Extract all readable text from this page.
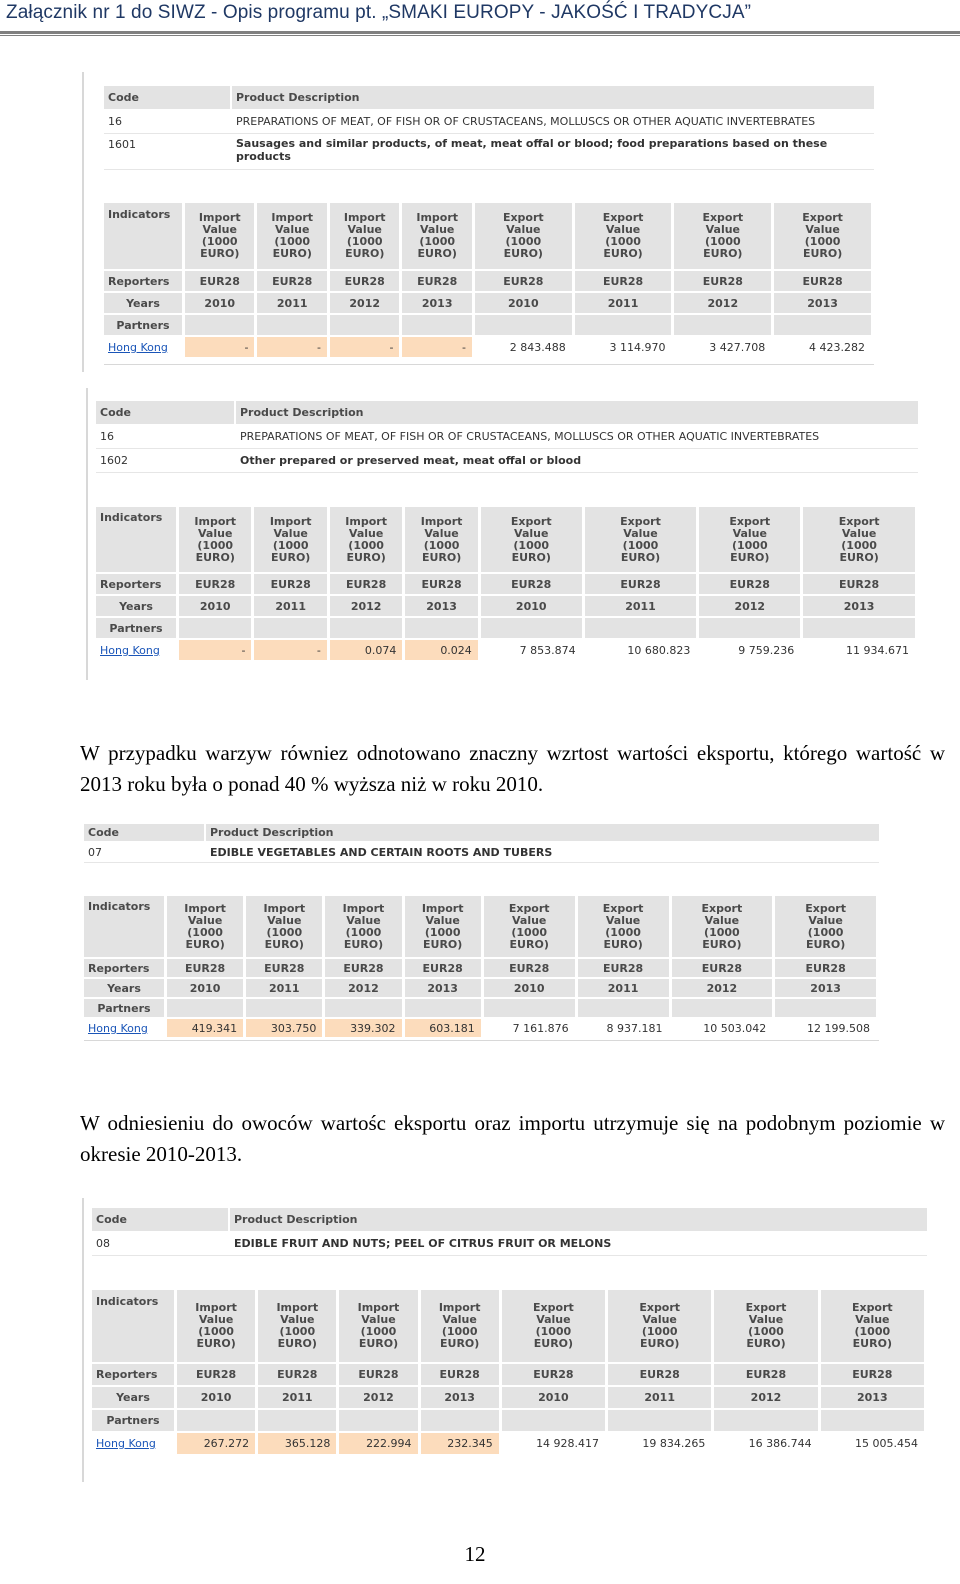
Załącznik nr 1 do SIWZ - Opis programu pt. „SMAKI EUROPY - JAKOŚĆ I TRADYCJA”
Code	Product Description
16	PREPARATIONS OF MEAT, OF FISH OR OF CRUSTACEANS, MOLLUSCS OR OTHER AQUATIC INVERTEBRATES
1601	Sausages and similar products, of meat, meat offal or blood; food preparations based on these products
Indicators	Import
Value
(1000
EURO)	Import
Value
(1000
EURO)	Import
Value
(1000
EURO)	Import
Value
(1000
EURO)	Export
Value
(1000
EURO)	Export
Value
(1000
EURO)	Export
Value
(1000
EURO)	Export
Value
(1000
EURO)
Reporters	EUR28	EUR28	EUR28	EUR28	EUR28	EUR28	EUR28	EUR28
Years	2010	2011	2012	2013	2010	2011	2012	2013
Partners								
Hong Kong	-	-	-	-	2 843.488	3 114.970	3 427.708	4 423.282
Code	Product Description
16	PREPARATIONS OF MEAT, OF FISH OR OF CRUSTACEANS, MOLLUSCS OR OTHER AQUATIC INVERTEBRATES
1602	Other prepared or preserved meat, meat offal or blood
Indicators	Import
Value
(1000
EURO)	Import
Value
(1000
EURO)	Import
Value
(1000
EURO)	Import
Value
(1000
EURO)	Export
Value
(1000
EURO)	Export
Value
(1000
EURO)	Export
Value
(1000
EURO)	Export
Value
(1000
EURO)
Reporters	EUR28	EUR28	EUR28	EUR28	EUR28	EUR28	EUR28	EUR28
Years	2010	2011	2012	2013	2010	2011	2012	2013
Partners								
Hong Kong	-	-	0.074	0.024	7 853.874	10 680.823	9 759.236	11 934.671
W przypadku warzyw równiez odnotowano znaczny wzrtost wartości eksportu, którego wartość w 2013 roku była o ponad 40 % wyższa niż w roku 2010.
Code	Product Description
07	EDIBLE VEGETABLES AND CERTAIN ROOTS AND TUBERS
Indicators	Import
Value
(1000
EURO)	Import
Value
(1000
EURO)	Import
Value
(1000
EURO)	Import
Value
(1000
EURO)	Export
Value
(1000
EURO)	Export
Value
(1000
EURO)	Export
Value
(1000
EURO)	Export
Value
(1000
EURO)
Reporters	EUR28	EUR28	EUR28	EUR28	EUR28	EUR28	EUR28	EUR28
Years	2010	2011	2012	2013	2010	2011	2012	2013
Partners								
Hong Kong	419.341	303.750	339.302	603.181	7 161.876	8 937.181	10 503.042	12 199.508
W odniesieniu do owoców wartośc eksportu oraz importu utrzymuje się na podobnym poziomie w okresie 2010-2013.
Code	Product Description
08	EDIBLE FRUIT AND NUTS; PEEL OF CITRUS FRUIT OR MELONS
Indicators	Import
Value
(1000
EURO)	Import
Value
(1000
EURO)	Import
Value
(1000
EURO)	Import
Value
(1000
EURO)	Export
Value
(1000
EURO)	Export
Value
(1000
EURO)	Export
Value
(1000
EURO)	Export
Value
(1000
EURO)
Reporters	EUR28	EUR28	EUR28	EUR28	EUR28	EUR28	EUR28	EUR28
Years	2010	2011	2012	2013	2010	2011	2012	2013
Partners								
Hong Kong	267.272	365.128	222.994	232.345	14 928.417	19 834.265	16 386.744	15 005.454
12
